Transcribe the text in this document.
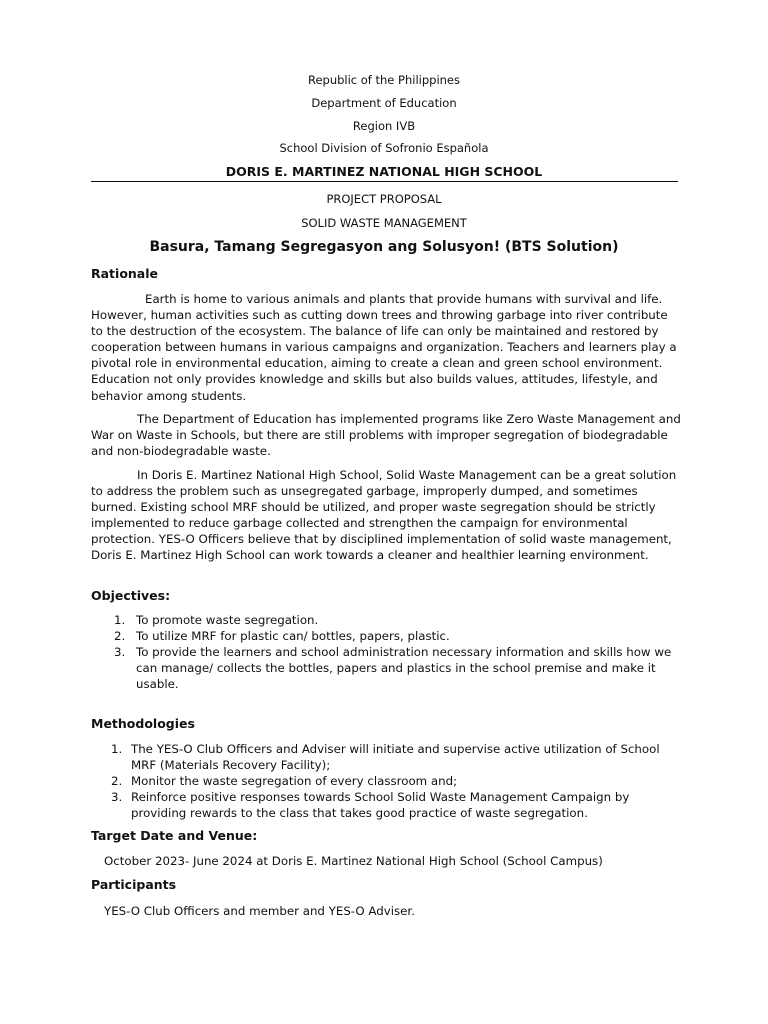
Republic of the Philippines
Department of Education
Region IVB
School Division of Sofronio Española
DORIS E. MARTINEZ NATIONAL HIGH SCHOOL
PROJECT PROPOSAL
SOLID WASTE MANAGEMENT
Basura, Tamang Segregasyon ang Solusyon! (BTS Solution)
Rationale

Earth is home to various animals and plants that provide humans with survival and life. However, human activities such as cutting down trees and throwing garbage into river contribute to the destruction of the ecosystem. The balance of life can only be maintained and restored by cooperation between humans in various campaigns and organization. Teachers and learners play a pivotal role in environmental education, aiming to create a clean and green school environment. Education not only provides knowledge and skills but also builds values, attitudes, lifestyle, and behavior among students.

The Department of Education has implemented programs like Zero Waste Management and War on Waste in Schools, but there are still problems with improper segregation of biodegradable and non-biodegradable waste.

In Doris E. Martinez National High School, Solid Waste Management can be a great solution to address the problem such as unsegregated garbage, improperly dumped, and sometimes burned. Existing school MRF should be utilized, and proper waste segregation should be strictly implemented to reduce garbage collected and strengthen the campaign for environmental protection. YES-O Officers believe that by disciplined implementation of solid waste management, Doris E. Martinez High School can work towards a cleaner and healthier learning environment.

Objectives:
1. To promote waste segregation.
2. To utilize MRF for plastic can/ bottles, papers, plastic.
3. To provide the learners and school administration necessary information and skills how we can manage/ collects the bottles, papers and plastics in the school premise and make it usable.
Methodologies
1. The YES-O Club Officers and Adviser will initiate and supervise active utilization of School MRF (Materials Recovery Facility);
2. Monitor the waste segregation of every classroom and;
3. Reinforce positive responses towards School Solid Waste Management Campaign by providing rewards to the class that takes good practice of waste segregation.
Target Date and Venue:
October 2023- June 2024 at Doris E. Martinez National High School (School Campus)
Participants
YES-O Club Officers and member and YES-O Adviser.
